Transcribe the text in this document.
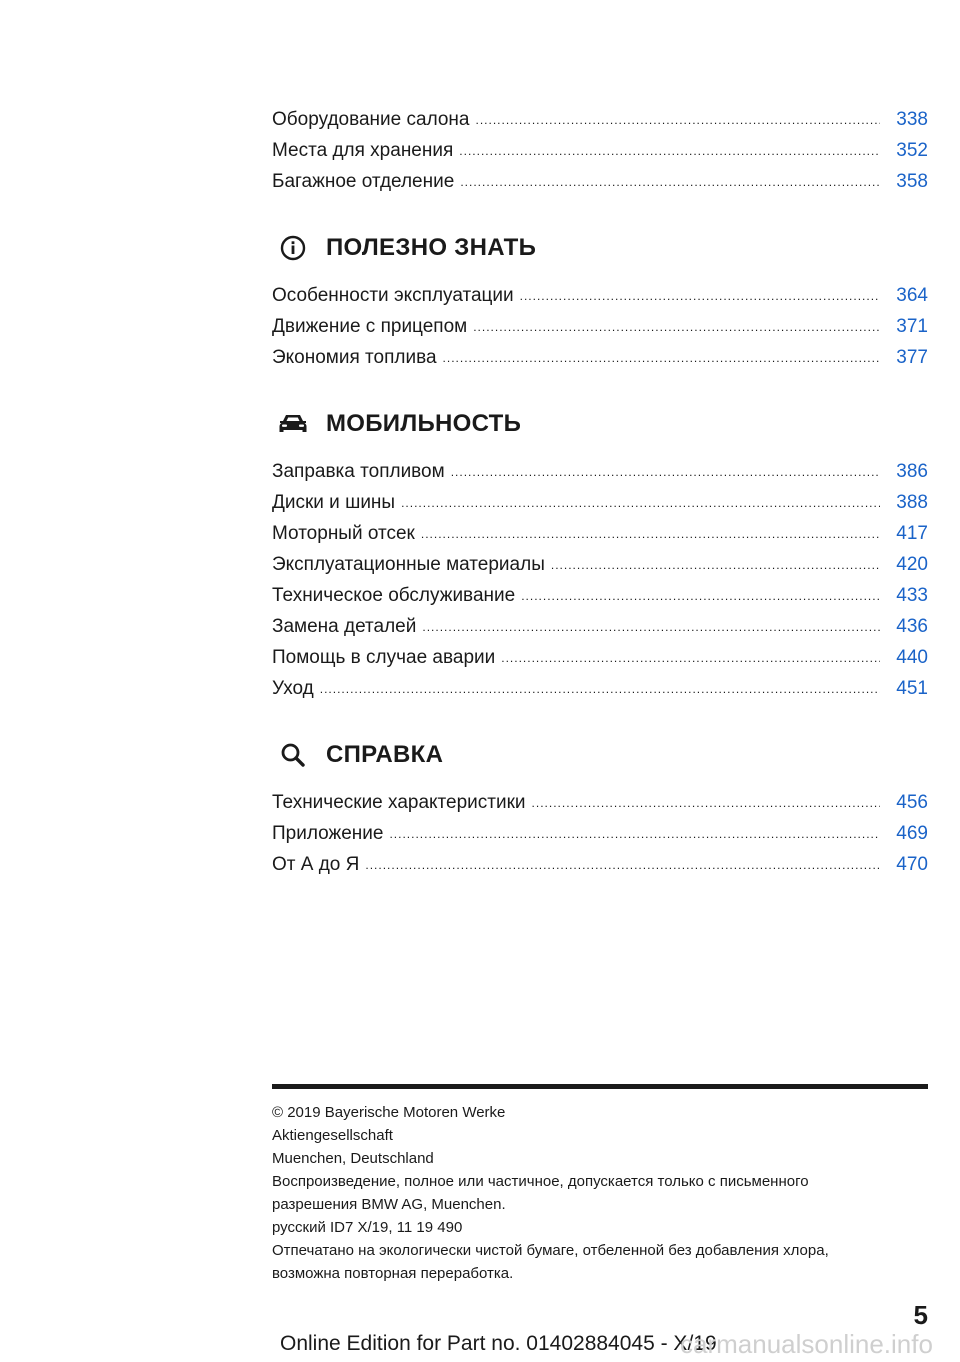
Оборудование салона .....	338
Места для хранения .....	352
Багажное отделение .....	358
ПОЛЕЗНО ЗНАТЬ
Особенности эксплуатации .....	364
Движение с прицепом .....	371
Экономия топлива .....	377
МОБИЛЬНОСТЬ
Заправка топливом .....	386
Диски и шины .....	388
Моторный отсек .....	417
Эксплуатационные материалы .....	420
Техническое обслуживание .....	433
Замена деталей .....	436
Помощь в случае аварии .....	440
Уход .....	451
СПРАВКА
Технические характеристики .....	456
Приложение .....	469
От А до Я .....	470
© 2019 Bayerische Motoren Werke
Aktiengesellschaft
Muenchen, Deutschland
Воспроизведение, полное или частичное, допускается только с письменного
разрешения BMW AG, Muenchen.
русский ID7 X/19, 11 19 490
Отпечатано на экологически чистой бумаге, отбеленной без добавления хлора,
возможна повторная переработка.
5
Online Edition for Part no. 01402884045 - X/19
carmanualsonline.info
